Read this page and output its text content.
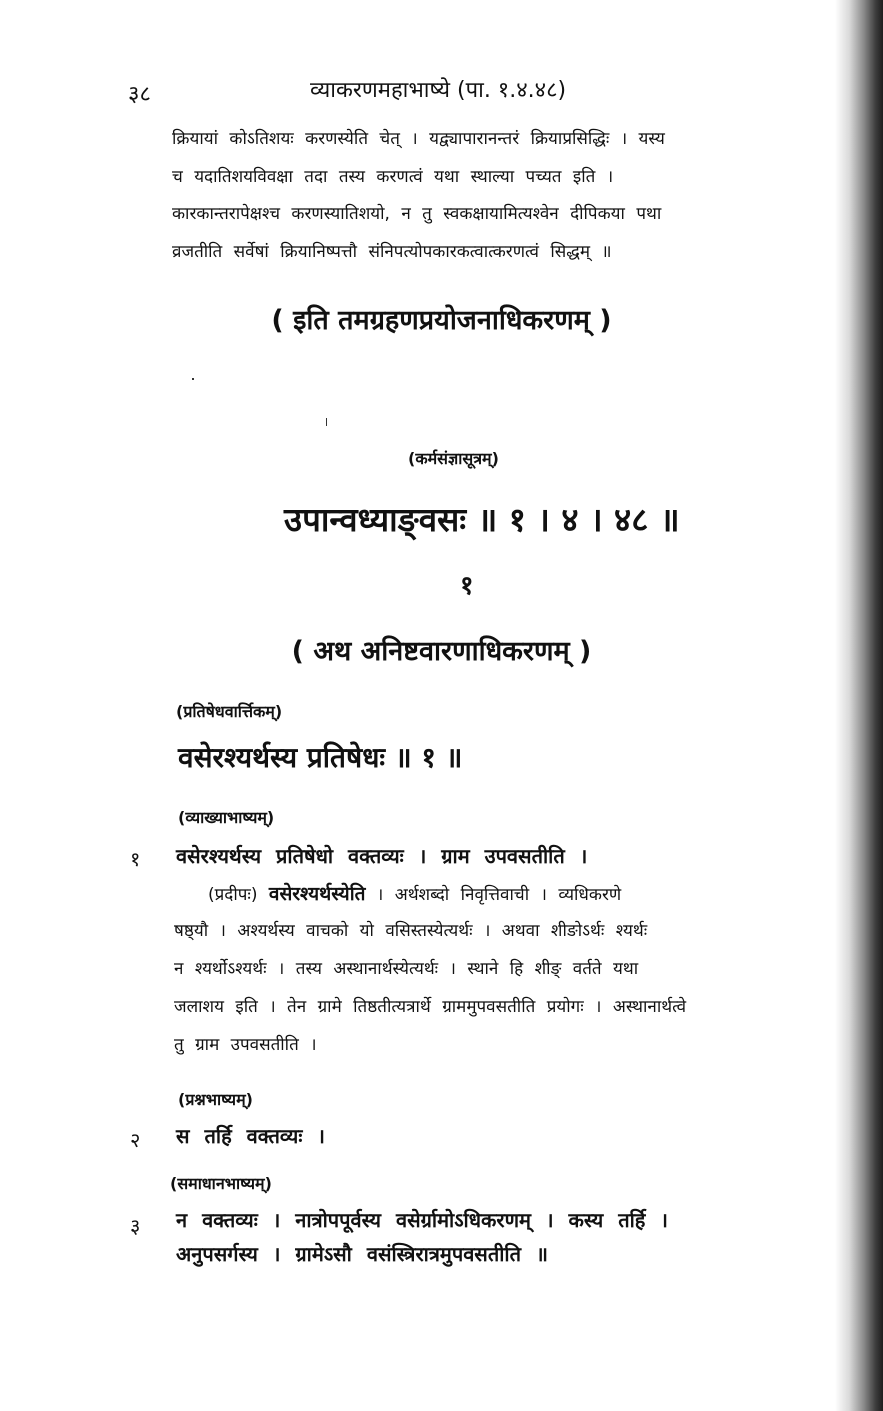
३८	व्याकरणमहाभाष्ये (पा. १.४.४८)
क्रियायां कोऽतिशयः करणस्येति चेत् । यद्व्यापारानन्तरं क्रियाप्रसिद्धिः । यस्य
च यदातिशयविवक्षा तदा तस्य करणत्वं यथा स्थाल्या पच्यत इति ।
कारकान्तरापेक्षश्च करणस्यातिशयो, न तु स्वकक्षायामित्यश्वेन दीपिकया पथा
व्रजतीति सर्वेषां क्रियानिष्पत्तौ संनिपत्योपकारकत्वात्करणत्वं सिद्धम् ॥
( इति तमग्रहणप्रयोजनाधिकरणम् )
(कर्मसंज्ञासूत्रम्)
उपान्वध्याङ्वसः ॥ १ । ४ । ४८ ॥
१
( अथ अनिष्टवारणाधिकरणम् )
(प्रतिषेधवार्त्तिकम्)
वसेरश्यर्थस्य प्रतिषेधः ॥ १ ॥
(व्याख्याभाष्यम्)
१ वसेरश्यर्थस्य प्रतिषेधो वक्तव्यः । ग्राम उपवसतीति ।
(प्रदीपः) वसेरश्यर्थस्येति । अर्थशब्दो निवृत्तिवाची । व्यधिकरणे
षष्ठ्यौ । अश्यर्थस्य वाचको यो वसिस्तस्येत्यर्थः । अथवा शीङोऽर्थः श्यर्थः
न श्यर्थोऽश्यर्थः । तस्य अस्थानार्थस्येत्यर्थः । स्थाने हि शीङ् वर्तते यथा
जलाशय इति । तेन ग्रामे तिष्ठतीत्यत्रार्थे ग्राममुपवसतीति प्रयोगः । अस्थानार्थत्वे
तु ग्राम उपवसतीति ।
(प्रश्नभाष्यम्)
२ स तर्हि वक्तव्यः ।
(समाधानभाष्यम्)
३ न वक्तव्यः । नात्रोपपूर्वस्य वसेर्ग्रामोऽधिकरणम् । कस्य तर्हि ।
अनुपसर्गस्य । ग्रामेऽसौ वसंस्त्रिरात्रमुपवसतीति ॥
